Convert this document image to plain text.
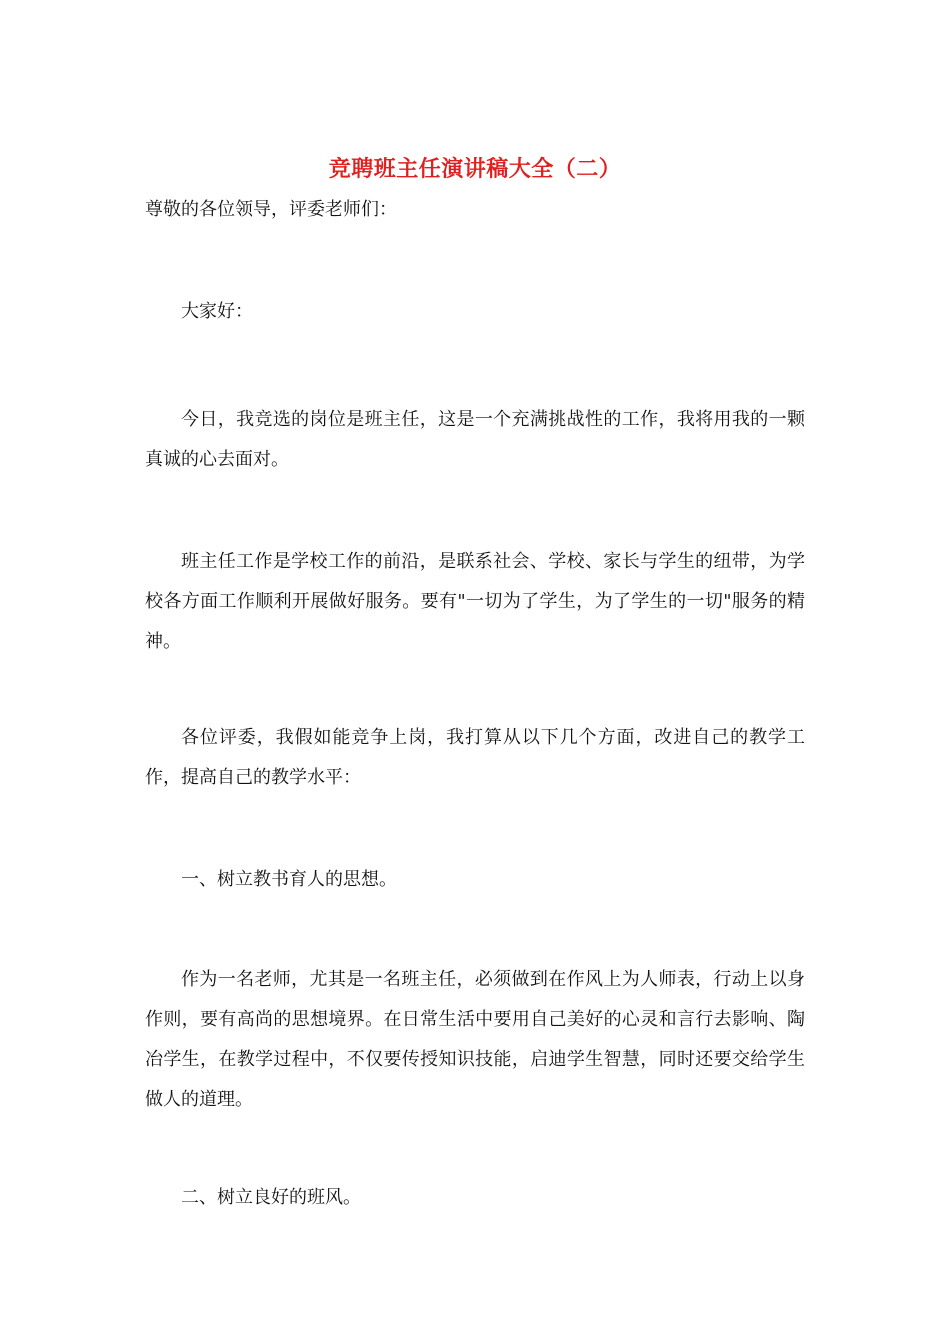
竞聘班主任演讲稿大全（二）

尊敬的各位领导，评委老师们：

大家好：

今日，我竞选的岗位是班主任，这是一个充满挑战性的工作，我将用我的一颗真诚的心去面对。

班主任工作是学校工作的前沿，是联系社会、学校、家长与学生的纽带，为学校各方面工作顺利开展做好服务。要有"一切为了学生，为了学生的一切"服务的精神。

各位评委，我假如能竞争上岗，我打算从以下几个方面，改进自己的教学工作，提高自己的教学水平：

一、树立教书育人的思想。

作为一名老师，尤其是一名班主任，必须做到在作风上为人师表，行动上以身作则，要有高尚的思想境界。在日常生活中要用自己美好的心灵和言行去影响、陶冶学生，在教学过程中，不仅要传授知识技能，启迪学生智慧，同时还要交给学生做人的道理。

二、树立良好的班风。
